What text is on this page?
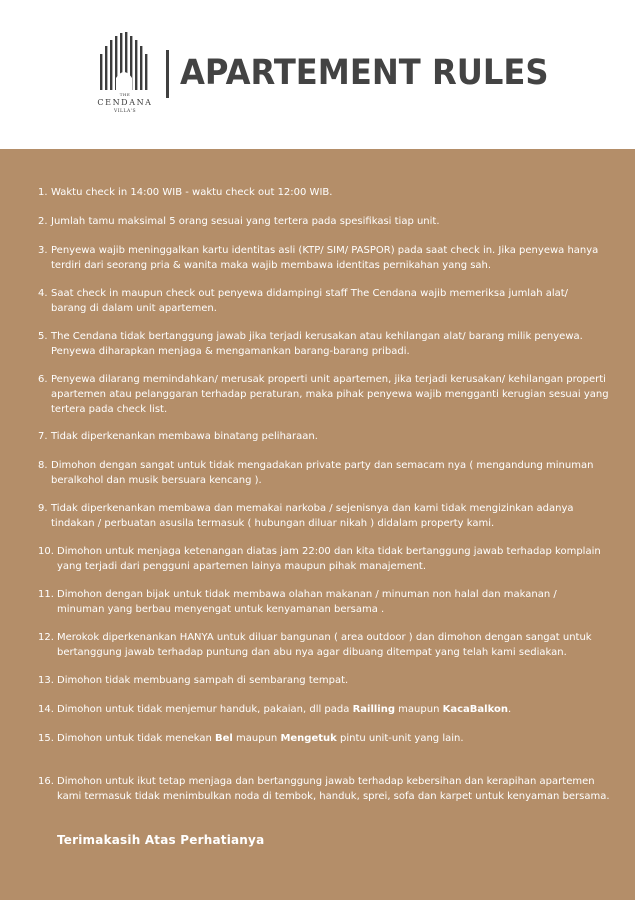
THE
CENDANA
VILLA'S
APARTEMENT RULES
1. Waktu check in 14:00 WIB - waktu check out 12:00 WIB.
2. Jumlah tamu maksimal 5 orang sesuai yang tertera pada spesifikasi tiap unit.
3. Penyewa wajib meninggalkan kartu identitas asli (KTP/ SIM/ PASPOR) pada saat check in. Jika penyewa hanya
terdiri dari seorang pria & wanita maka wajib membawa identitas pernikahan yang sah.
4. Saat check in maupun check out penyewa didampingi staff The Cendana wajib memeriksa jumlah alat/
barang di dalam unit apartemen.
5. The Cendana tidak bertanggung jawab jika terjadi kerusakan atau kehilangan alat/ barang milik penyewa.
Penyewa diharapkan menjaga & mengamankan barang-barang pribadi.
6. Penyewa dilarang memindahkan/ merusak properti unit apartemen, jika terjadi kerusakan/ kehilangan properti
apartemen atau pelanggaran terhadap peraturan, maka pihak penyewa wajib mengganti kerugian sesuai yang
tertera pada check list.
7. Tidak diperkenankan membawa binatang peliharaan.
8. Dimohon dengan sangat untuk tidak mengadakan private party dan semacam nya ( mengandung minuman
beralkohol dan musik bersuara kencang ).
9. Tidak diperkenankan membawa dan memakai narkoba / sejenisnya dan kami tidak mengizinkan adanya
tindakan / perbuatan asusila termasuk ( hubungan diluar nikah ) didalam property kami.
10. Dimohon untuk menjaga ketenangan diatas jam 22:00 dan kita tidak bertanggung jawab terhadap komplain
yang terjadi dari pengguni apartemen lainya maupun pihak manajement.
11. Dimohon dengan bijak untuk tidak membawa olahan makanan / minuman non halal dan makanan /
minuman yang berbau menyengat untuk kenyamanan bersama .
12. Merokok diperkenankan HANYA untuk diluar bangunan ( area outdoor ) dan dimohon dengan sangat untuk
bertanggung jawab terhadap puntung dan abu nya agar dibuang ditempat yang telah kami sediakan.
13. Dimohon tidak membuang sampah di sembarang tempat.
14. Dimohon untuk tidak menjemur handuk, pakaian, dll pada Railling maupun KacaBalkon.
15. Dimohon untuk tidak menekan Bel maupun Mengetuk pintu unit-unit yang lain.
16. Dimohon untuk ikut tetap menjaga dan bertanggung jawab terhadap kebersihan dan kerapihan apartemen
kami termasuk tidak menimbulkan noda di tembok, handuk, sprei, sofa dan karpet untuk kenyaman bersama.
Terimakasih Atas Perhatianya
